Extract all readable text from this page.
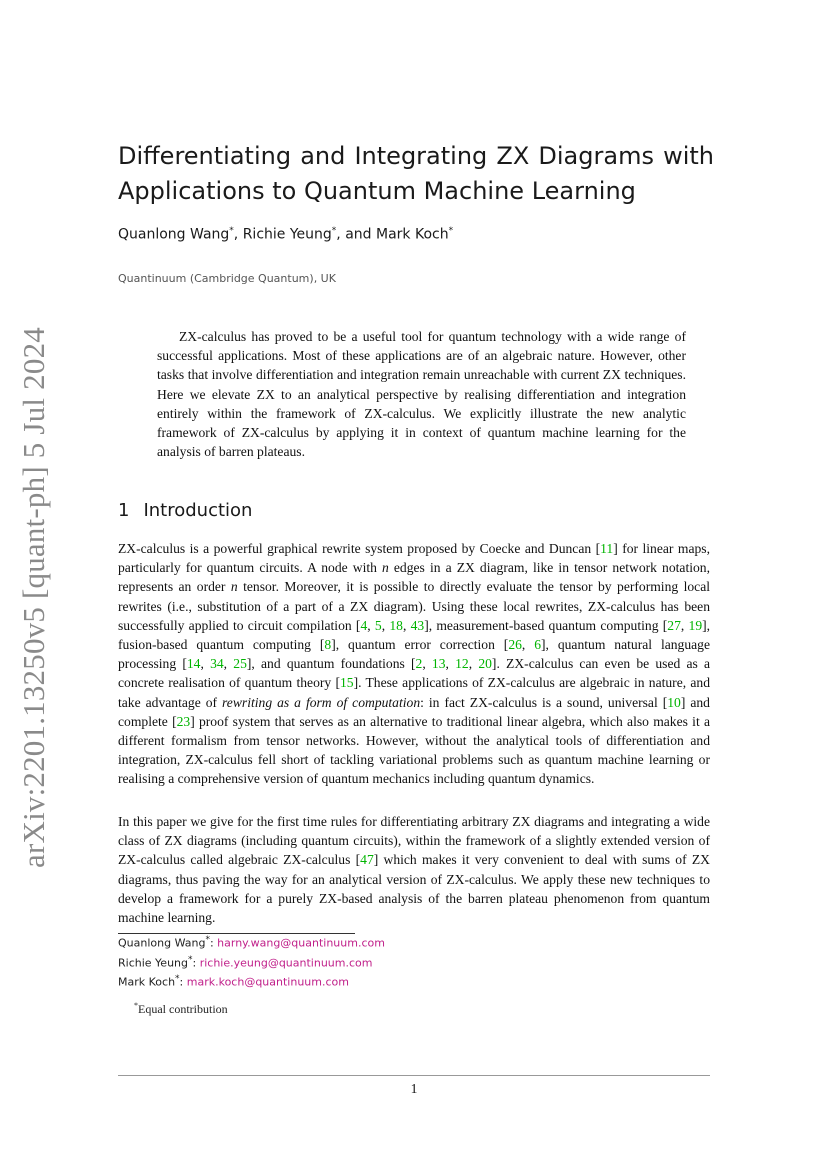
arXiv:2201.13250v5 [quant-ph] 5 Jul 2024
Differentiating and Integrating ZX Diagrams with
Applications to Quantum Machine Learning
Quanlong Wang*, Richie Yeung*, and Mark Koch*
Quantinuum (Cambridge Quantum), UK

ZX-calculus has proved to be a useful tool for quantum technology with a wide range of successful applications. Most of these applications are of an algebraic nature. However, other tasks that involve differentiation and integration remain unreachable with current ZX techniques. Here we elevate ZX to an analytical perspective by realising differentiation and integration entirely within the framework of ZX-calculus. We explicitly illustrate the new analytic framework of ZX-calculus by applying it in context of quantum machine learning for the analysis of barren plateaus.

1 Introduction

ZX-calculus is a powerful graphical rewrite system proposed by Coecke and Duncan [11] for linear maps, particularly for quantum circuits. A node with n edges in a ZX diagram, like in tensor network notation, represents an order n tensor. Moreover, it is possible to directly evaluate the tensor by performing local rewrites (i.e., substitution of a part of a ZX diagram). Using these local rewrites, ZX-calculus has been successfully applied to circuit compilation [4, 5, 18, 43], measurement-based quantum computing [27, 19], fusion-based quantum computing [8], quantum error correction [26, 6], quantum natural language processing [14, 34, 25], and quantum foundations [2, 13, 12, 20]. ZX-calculus can even be used as a concrete realisation of quantum theory [15]. These applications of ZX-calculus are algebraic in nature, and take advantage of rewriting as a form of computation: in fact ZX-calculus is a sound, universal [10] and complete [23] proof system that serves as an alternative to traditional linear algebra, which also makes it a different formalism from tensor networks. However, without the analytical tools of differentiation and integration, ZX-calculus fell short of tackling variational problems such as quantum machine learning or realising a comprehensive version of quantum mechanics including quantum dynamics.

In this paper we give for the first time rules for differentiating arbitrary ZX diagrams and integrating a wide class of ZX diagrams (including quantum circuits), within the framework of a slightly extended version of ZX-calculus called algebraic ZX-calculus [47] which makes it very convenient to deal with sums of ZX diagrams, thus paving the way for an analytical version of ZX-calculus. We apply these new techniques to develop a framework for a purely ZX-based analysis of the barren plateau phenomenon from quantum machine learning.

Quanlong Wang*: harny.wang@quantinuum.com
Richie Yeung*: richie.yeung@quantinuum.com
Mark Koch*: mark.koch@quantinuum.com
*Equal contribution
1
